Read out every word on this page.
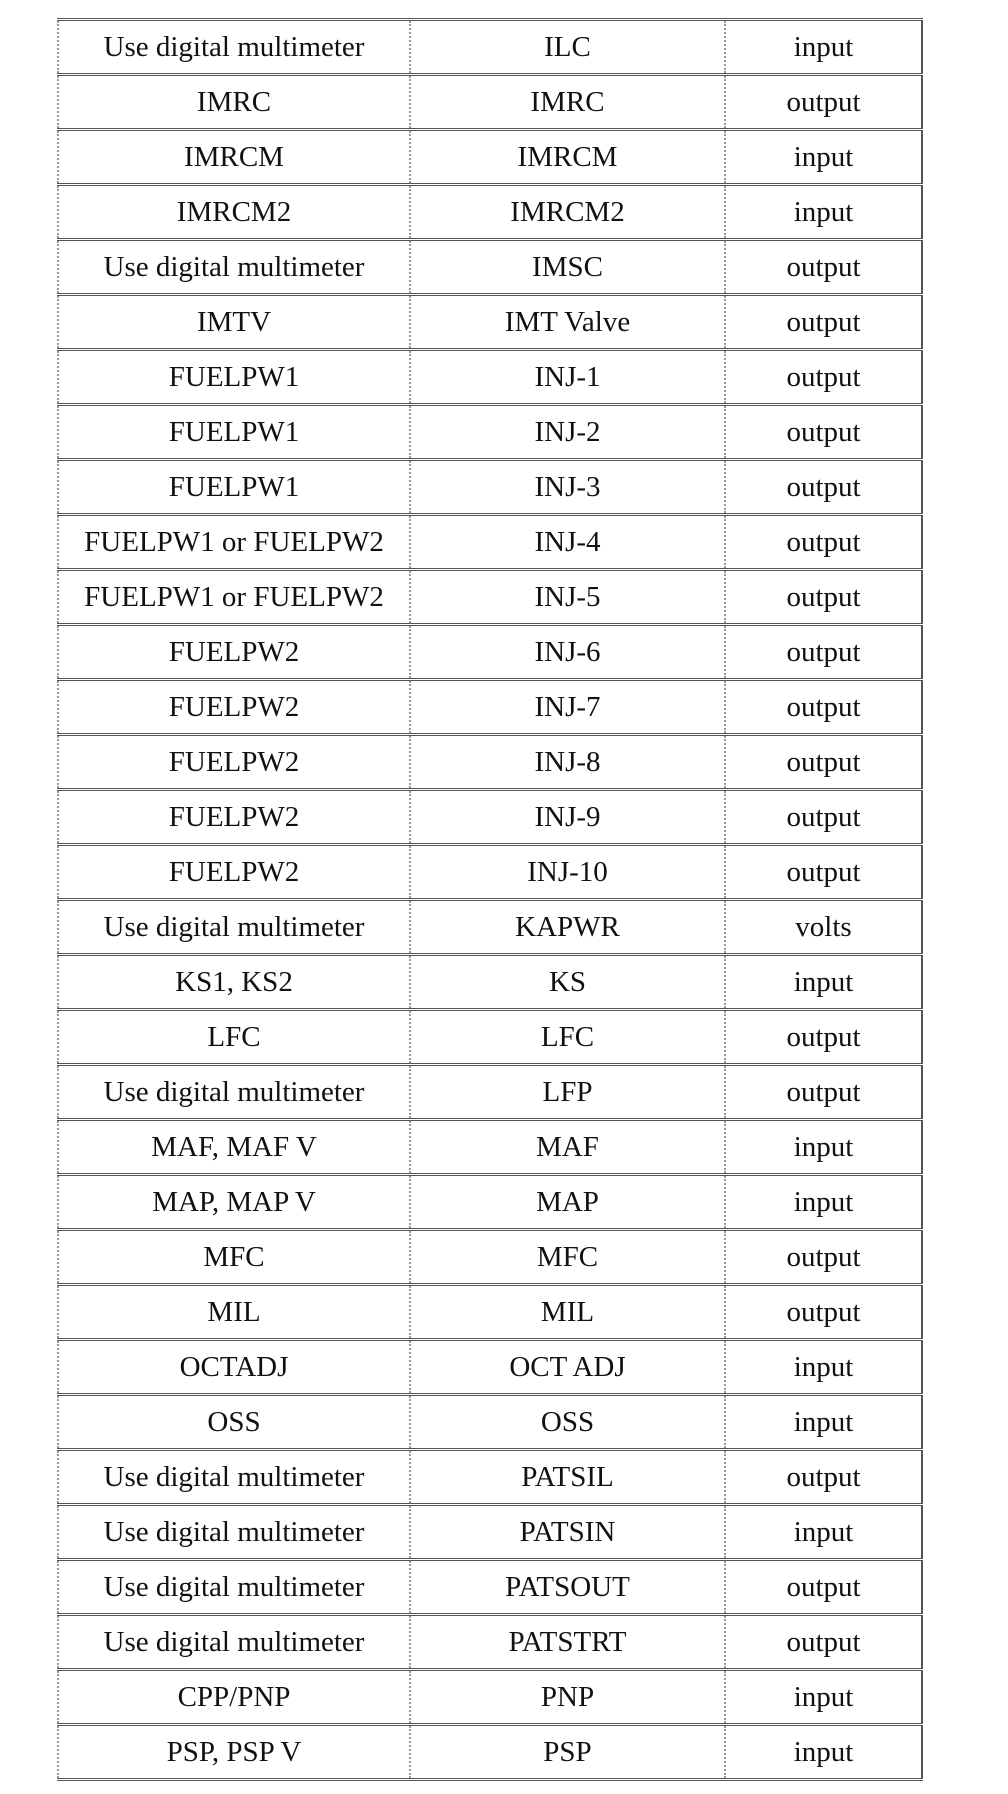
Use digital multimeter	ILC	input
IMRC	IMRC	output
IMRCM	IMRCM	input
IMRCM2	IMRCM2	input
Use digital multimeter	IMSC	output
IMTV	IMT Valve	output
FUELPW1	INJ-1	output
FUELPW1	INJ-2	output
FUELPW1	INJ-3	output
FUELPW1 or FUELPW2	INJ-4	output
FUELPW1 or FUELPW2	INJ-5	output
FUELPW2	INJ-6	output
FUELPW2	INJ-7	output
FUELPW2	INJ-8	output
FUELPW2	INJ-9	output
FUELPW2	INJ-10	output
Use digital multimeter	KAPWR	volts
KS1, KS2	KS	input
LFC	LFC	output
Use digital multimeter	LFP	output
MAF, MAF V	MAF	input
MAP, MAP V	MAP	input
MFC	MFC	output
MIL	MIL	output
OCTADJ	OCT ADJ	input
OSS	OSS	input
Use digital multimeter	PATSIL	output
Use digital multimeter	PATSIN	input
Use digital multimeter	PATSOUT	output
Use digital multimeter	PATSTRT	output
CPP/PNP	PNP	input
PSP, PSP V	PSP	input
